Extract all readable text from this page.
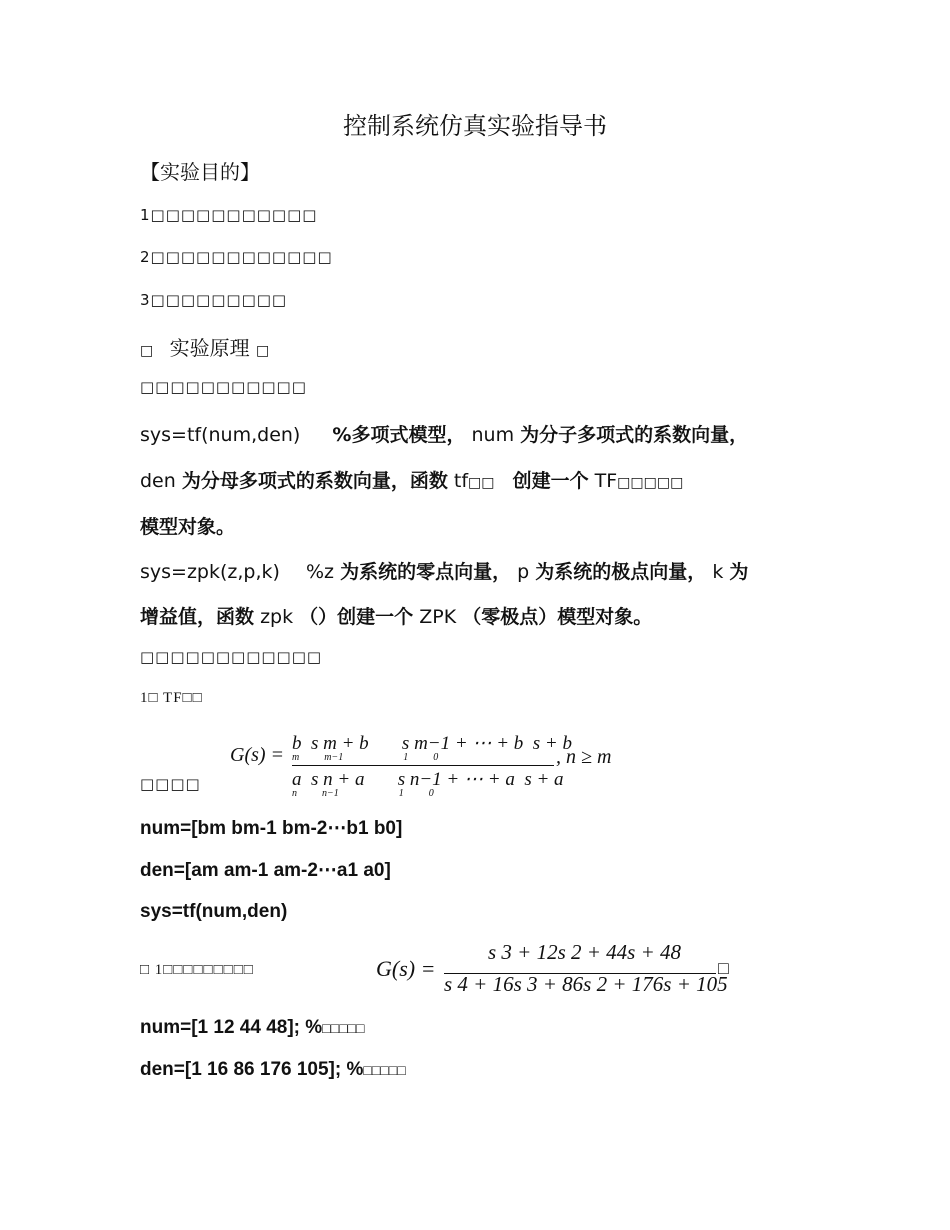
控制系统仿真实验指导书
【实验目的】
1□□□□□□□□□□□
2□□□□□□□□□□□□
3□□□□□□□□□
□ 实验原理 □
□□□□□□□□□□□
sys=tf(num,den) %多项式模型， num 为分子多项式的系数向量，
den 为分母多项式的系数向量，函数 tf□□ 创建一个 TF□□□□□
模型对象。
sys=zpk(z,p,k) %z 为系统的零点向量， p 为系统的极点向量， k 为
增益值，函数 zpk （）创建一个 ZPK （零极点）模型对象。
□□□□□□□□□□□□
1□ TF□□
□□□□
G(s) =
b  s m + b       s m−1 + ⋯ + b  s + b
m          m−1                        1          0
a  s n + a       s n−1 + ⋯ + a  s + a
n          n−1                        1          0
, n ≥ m
num=[bm bm-1 bm-2⋯b1 b0]
den=[am am-1 am-2⋯a1 a0]
sys=tf(num,den)
□ 1□□□□□□□□□	G(s) =
s 3 + 12s 2 + 44s + 48
s 4 + 16s 3 + 86s 2 + 176s + 105
□
num=[1 12 44 48]; %□□□□□
den=[1 16 86 176 105]; %□□□□□
